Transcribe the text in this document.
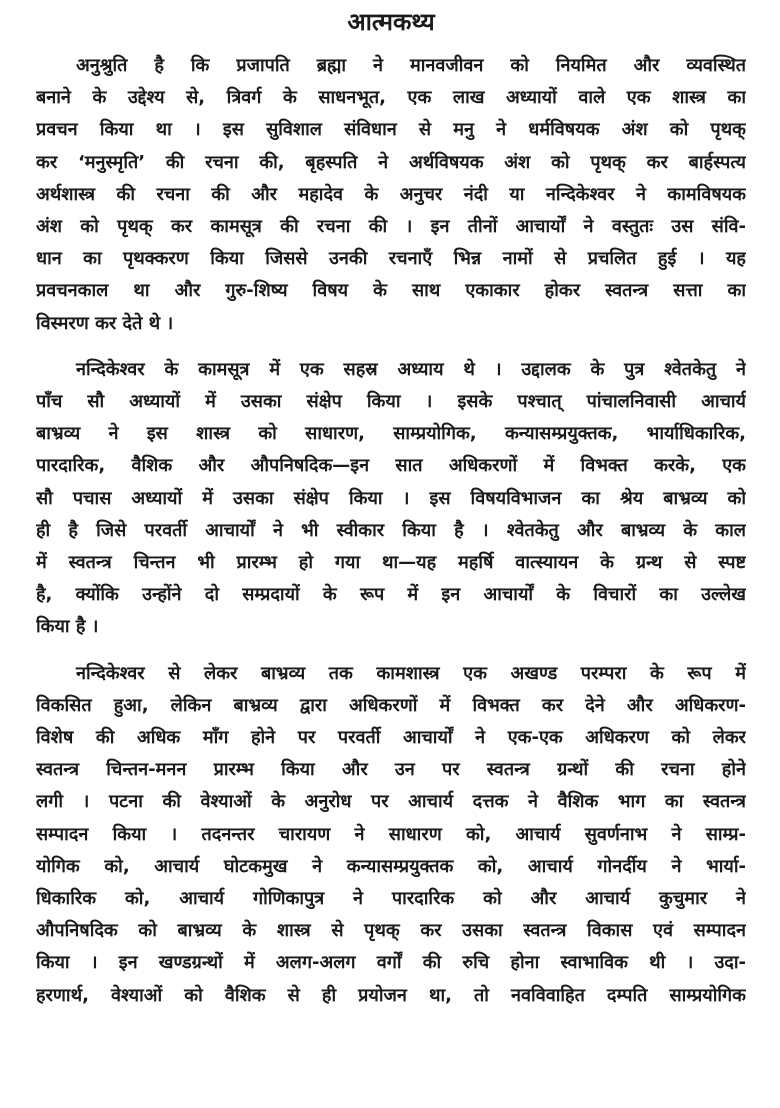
आत्मकथ्य
अनुश्रुति है कि प्रजापति ब्रह्मा ने मानवजीवन को नियमित और व्यवस्थित
बनाने के उद्देश्य से, त्रिवर्ग के साधनभूत, एक लाख अध्यायों वाले एक शास्त्र का
प्रवचन किया था । इस सुविशाल संविधान से मनु ने धर्मविषयक अंश को पृथक्
कर ‘मनुस्मृति’ की रचना की, बृहस्पति ने अर्थविषयक अंश को पृथक् कर बार्हस्पत्य
अर्थशास्त्र की रचना की और महादेव के अनुचर नंदी या नन्दिकेश्वर ने कामविषयक
अंश को पृथक् कर कामसूत्र की रचना की । इन तीनों आचार्यों ने वस्तुतः उस संवि-
धान का पृथक्करण किया जिससे उनकी रचनाएँ भिन्न नामों से प्रचलित हुई । यह
प्रवचनकाल था और गुरु-शिष्य विषय के साथ एकाकार होकर स्वतन्त्र सत्ता का
विस्मरण कर देते थे ।
नन्दिकेश्वर के कामसूत्र में एक सहस्र अध्याय थे । उद्दालक के पुत्र श्वेतकेतु ने
पाँच सौ अध्यायों में उसका संक्षेप किया । इसके पश्चात् पांचालनिवासी आचार्य
बाभ्रव्य ने इस शास्त्र को साधारण, साम्प्रयोगिक, कन्यासम्प्रयुक्तक, भार्याधिकारिक,
पारदारिक, वैशिक और औपनिषदिक—इन सात अधिकरणों में विभक्त करके, एक
सौ पचास अध्यायों में उसका संक्षेप किया । इस विषयविभाजन का श्रेय बाभ्रव्य को
ही है जिसे परवर्ती आचार्यों ने भी स्वीकार किया है । श्वेतकेतु और बाभ्रव्य के काल
में स्वतन्त्र चिन्तन भी प्रारम्भ हो गया था—यह महर्षि वात्स्यायन के ग्रन्थ से स्पष्ट
है, क्योंकि उन्होंने दो सम्प्रदायों के रूप में इन आचार्यों के विचारों का उल्लेख
किया है ।
नन्दिकेश्वर से लेकर बाभ्रव्य तक कामशास्त्र एक अखण्ड परम्परा के रूप में
विकसित हुआ, लेकिन बाभ्रव्य द्वारा अधिकरणों में विभक्त कर देने और अधिकरण-
विशेष की अधिक माँग होने पर परवर्ती आचार्यों ने एक-एक अधिकरण को लेकर
स्वतन्त्र चिन्तन-मनन प्रारम्भ किया और उन पर स्वतन्त्र ग्रन्थों की रचना होने
लगी । पटना की वेश्याओं के अनुरोध पर आचार्य दत्तक ने वैशिक भाग का स्वतन्त्र
सम्पादन किया । तदनन्तर चारायण ने साधारण को, आचार्य सुवर्णनाभ ने साम्प्र-
योगिक को, आचार्य घोटकमुख ने कन्यासम्प्रयुक्तक को, आचार्य गोनर्दीय ने भार्या-
धिकारिक को, आचार्य गोणिकापुत्र ने पारदारिक को और आचार्य कुचुमार ने
औपनिषदिक को बाभ्रव्य के शास्त्र से पृथक् कर उसका स्वतन्त्र विकास एवं सम्पादन
किया । इन खण्डग्रन्थों में अलग-अलग वर्गों की रुचि होना स्वाभाविक थी । उदा-
हरणार्थ, वेश्याओं को वैशिक से ही प्रयोजन था, तो नवविवाहित दम्पति साम्प्रयोगिक
